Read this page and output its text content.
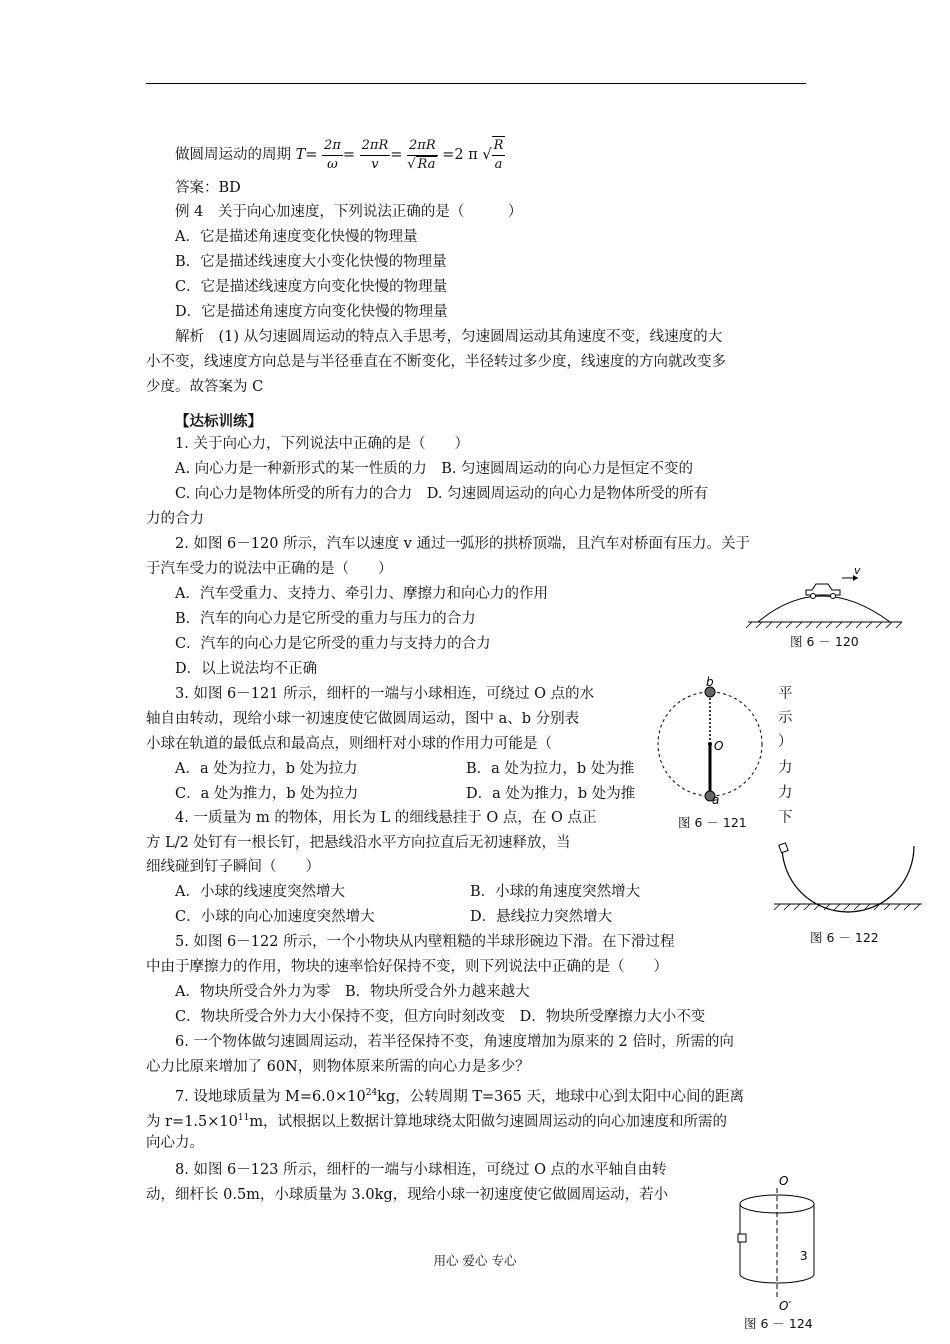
做圆周运动的周期 $T= \frac{2\pi}{\omega} = \frac{2\pi R}{v} = \frac{2\pi R}{√ Ra} =2$ π √ $\frac{R}{a}$
答案：BD
例 4　关于向心加速度，下列说法正确的是（　　　）
A．它是描述角速度变化快慢的物理量
B．它是描述线速度大小变化快慢的物理量
C．它是描述线速度方向变化快慢的物理量
D．它是描述角速度方向变化快慢的物理量
解析　(1) 从匀速圆周运动的特点入手思考，匀速圆周运动其角速度不变，线速度的大
小不变，线速度方向总是与半径垂直在不断变化，半径转过多少度，线速度的方向就改变多
少度。故答案为 C
【达标训练】
1. 关于向心力，下列说法中正确的是（　　）
A. 向心力是一种新形式的某一性质的力　B. 匀速圆周运动的向心力是恒定不变的
C. 向心力是物体所受的所有力的合力　D. 匀速圆周运动的向心力是物体所受的所有
力的合力
2. 如图 6－120 所示，汽车以速度 v 通过一弧形的拱桥顶端，且汽车对桥面有压力。关于
于汽车受力的说法中正确的是（　　）
A．汽车受重力、支持力、牵引力、摩擦力和向心力的作用
B．汽车的向心力是它所受的重力与压力的合力
C．汽车的向心力是它所受的重力与支持力的合力
D．以上说法均不正确
v
图 6 － 120
3. 如图 6－121 所示，细杆的一端与小球相连，可绕过 O 点的水
轴自由转动，现给小球一初速度使它做圆周运动，图中 a、b 分别表
小球在轨道的最低点和最高点，则细杆对小球的作用力可能是（
A．a 处为拉力，b 处为拉力	B．a 处为拉力，b 处为推
C．a 处为推力，b 处为拉力	D．a 处为推力，b 处为推
平
示
）
力
力
下
b
O
a
图 6 － 121
4. 一质量为 m 的物体，用长为 L 的细线悬挂于 O 点，在 O 点正
方 L/2 处钉有一根长钉，把悬线沿水平方向拉直后无初速释放，当
细线碰到钉子瞬间（　　）
A．小球的线速度突然增大	B．小球的角速度突然增大
C．小球的向心加速度突然增大	D．悬线拉力突然增大
图 6 － 122
5. 如图 6－122 所示，一个小物块从内壁粗糙的半球形碗边下滑。在下滑过程
中由于摩擦力的作用，物块的速率恰好保持不变，则下列说法中正确的是（　　）
A．物块所受合外力为零　B．物块所受合外力越来越大
C．物块所受合外力大小保持不变，但方向时刻改变　D．物块所受摩擦力大小不变
6. 一个物体做匀速圆周运动，若半径保持不变，角速度增加为原来的 2 倍时，所需的向
心力比原来增加了 60N，则物体原来所需的向心力是多少？
7. 设地球质量为 $M=6.0\times 10^{24}kg$，公转周期 T=365 天，地球中心到太阳中心间的距离
为 $r=1.5\times 10^{11}m$，试根据以上数据计算地球绕太阳做匀速圆周运动的向心加速度和所需的
向心力。
8. 如图 6－123 所示，细杆的一端与小球相连，可绕过 O 点的水平轴自由转
动，细杆长 0.5m，小球质量为 3.0kg，现给小球一初速度使它做圆周运动，若小
O
3
O′
图 6 － 124
用心 爱心 专心
